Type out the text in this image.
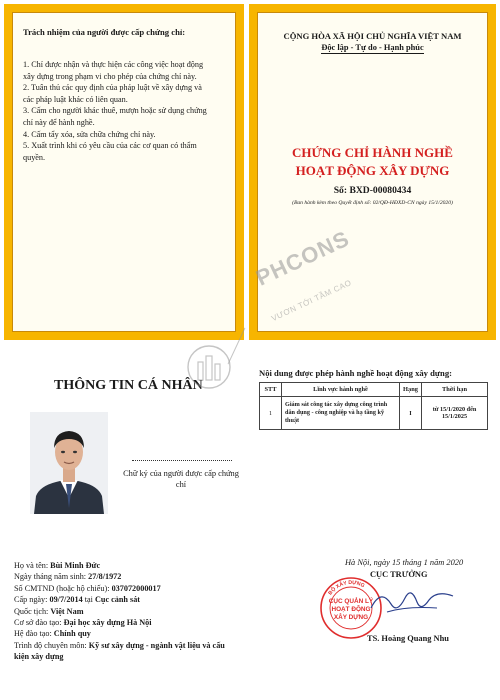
Trách nhiệm của người được cấp chứng chỉ:
1. Chỉ được nhận và thực hiện các công việc hoạt động xây dựng trong phạm vi cho phép của chứng chỉ này.
2. Tuân thủ các quy định của pháp luật về xây dựng và các pháp luật khác có liên quan.
3. Cấm cho người khác thuê, mượn hoặc sử dụng chứng chỉ này để hành nghề.
4. Cấm tẩy xóa, sửa chữa chứng chỉ này.
5. Xuất trình khi có yêu cầu của các cơ quan có thẩm quyền.
CỘNG HÒA XÃ HỘI CHỦ NGHĨA VIỆT NAM
Độc lập - Tự do - Hạnh phúc
CHỨNG CHỈ HÀNH NGHỀ
HOẠT ĐỘNG XÂY DỰNG
Số: BXD-00080434
(Ban hành kèm theo Quyết định số: 02/QĐ-HĐXD-CN ngày 15/1/2020)
THÔNG TIN CÁ NHÂN
Chữ ký của người được cấp chứng chỉ
Họ và tên: Bùi Minh Đức
Ngày tháng năm sinh: 27/8/1972
Số CMTND (hoặc hộ chiếu): 037072000017
Cấp ngày: 09/7/2014 tại Cục cảnh sát
Quốc tịch: Việt Nam
Cơ sở đào tạo: Đại học xây dựng Hà Nội
Hệ đào tạo: Chính quy
Trình độ chuyên môn: Kỹ sư xây dựng - ngành vật liệu và cấu kiện xây dựng
Nội dung được phép hành nghề hoạt động xây dựng:
STT	Lĩnh vực hành nghề	Hạng	Thời hạn
1	Giám sát công tác xây dựng công trình dân dụng - công nghiệp và hạ tầng kỹ thuật	I	từ 15/1/2020 đến 15/1/2025
Hà Nội, ngày 15 tháng 1 năm 2020
CỤC TRƯỞNG
BỘ XÂY DỰNG
CỤC QUẢN LÝ
HOẠT ĐỘNG
XÂY DỰNG
TS. Hoàng Quang Nhu
PHCONS
VƯƠN TỚI TẦM CAO
